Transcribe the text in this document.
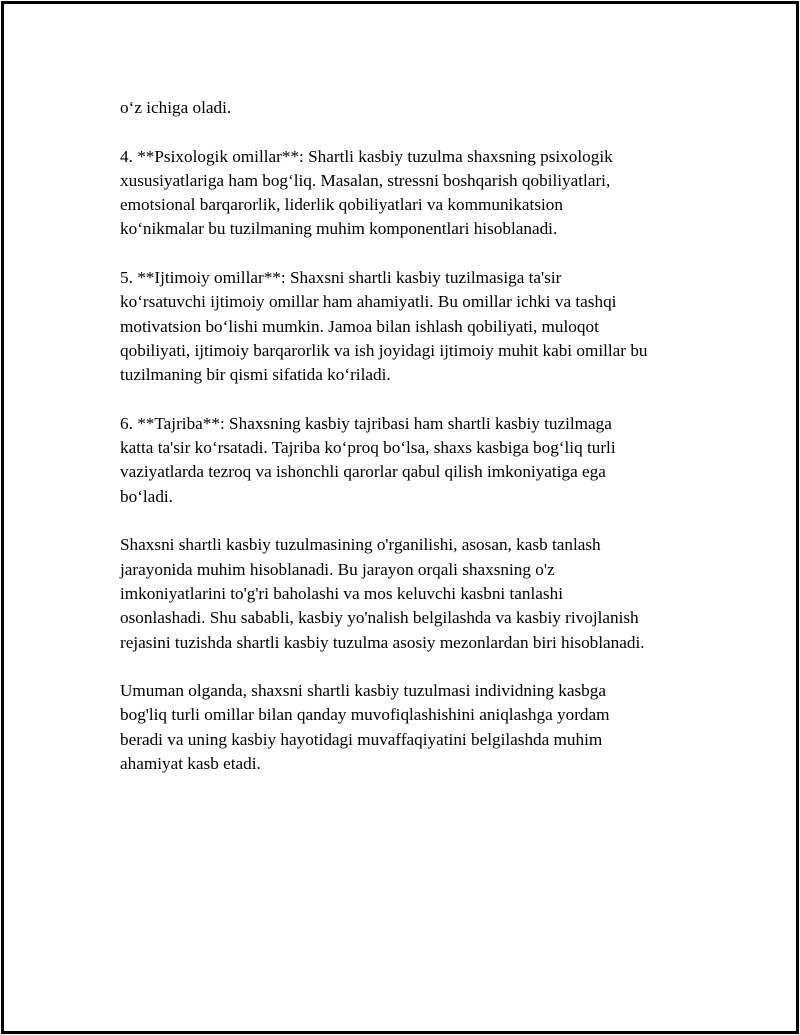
o‘z ichiga oladi.

4. **Psixologik omillar**: Shartli kasbiy tuzulma shaxsning psixologik
xususiyatlariga ham bog‘liq. Masalan, stressni boshqarish qobiliyatlari,
emotsional barqarorlik, liderlik qobiliyatlari va kommunikatsion
ko‘nikmalar bu tuzilmaning muhim komponentlari hisoblanadi.

5. **Ijtimoiy omillar**: Shaxsni shartli kasbiy tuzilmasiga ta'sir
ko‘rsatuvchi ijtimoiy omillar ham ahamiyatli. Bu omillar ichki va tashqi
motivatsion bo‘lishi mumkin. Jamoa bilan ishlash qobiliyati, muloqot
qobiliyati, ijtimoiy barqarorlik va ish joyidagi ijtimoiy muhit kabi omillar bu
tuzilmaning bir qismi sifatida ko‘riladi.

6. **Tajriba**: Shaxsning kasbiy tajribasi ham shartli kasbiy tuzilmaga
katta ta'sir ko‘rsatadi. Tajriba ko‘proq bo‘lsa, shaxs kasbiga bog‘liq turli
vaziyatlarda tezroq va ishonchli qarorlar qabul qilish imkoniyatiga ega
bo‘ladi.

Shaxsni shartli kasbiy tuzulmasining o'rganilishi, asosan, kasb tanlash
jarayonida muhim hisoblanadi. Bu jarayon orqali shaxsning o'z
imkoniyatlarini to'g'ri baholashi va mos keluvchi kasbni tanlashi
osonlashadi. Shu sababli, kasbiy yo'nalish belgilashda va kasbiy rivojlanish
rejasini tuzishda shartli kasbiy tuzulma asosiy mezonlardan biri hisoblanadi.

Umuman olganda, shaxsni shartli kasbiy tuzulmasi individning kasbga
bog'liq turli omillar bilan qanday muvofiqlashishini aniqlashga yordam
beradi va uning kasbiy hayotidagi muvaffaqiyatini belgilashda muhim
ahamiyat kasb etadi.
